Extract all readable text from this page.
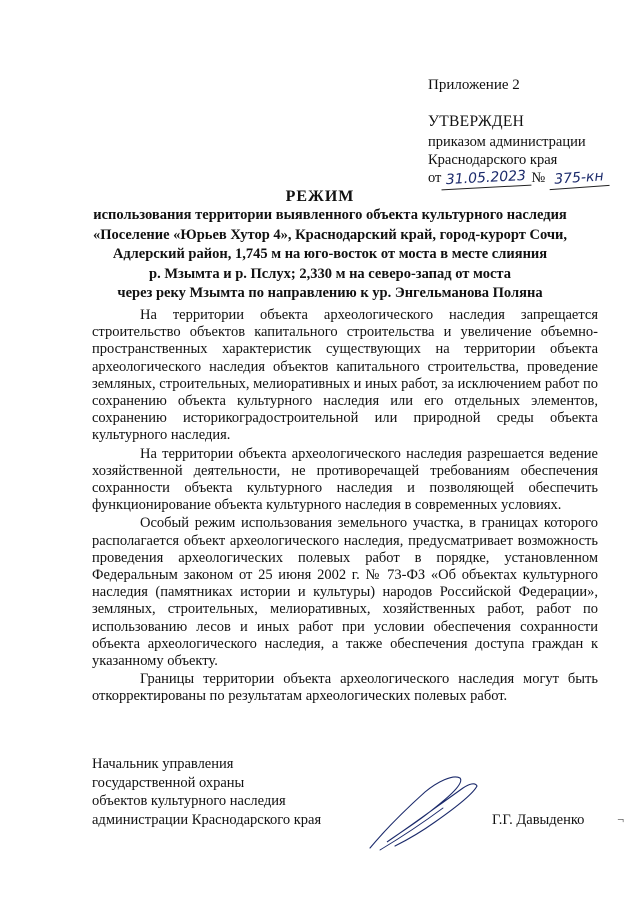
Приложение 2
УТВЕРЖДЕН
приказом администрации
Краснодарского края
от 31.05.2023 № 375-кн
РЕЖИМ
использования территории выявленного объекта культурного наследия
«Поселение «Юрьев Хутор 4», Краснодарский край, город-курорт Сочи,
Адлерский район, 1,745 м на юго-восток от моста в месте слияния
р. Мзымта и р. Пслух; 2,330 м на северо-запад от моста
через реку Мзымта по направлению к ур. Энгельманова Поляна

На территории объекта археологического наследия запрещается строительство объектов капитального строительства и увеличение объемно-пространственных характеристик существующих на территории объекта археологического наследия объектов капитального строительства, проведение земляных, строительных, мелиоративных и иных работ, за исключением работ по сохранению объекта культурного наследия или его отдельных элементов, сохранению историкоградостроительной или природной среды объекта культурного наследия.

На территории объекта археологического наследия разрешается ведение хозяйственной деятельности, не противоречащей требованиям обеспечения сохранности объекта культурного наследия и позволяющей обеспечить функционирование объекта культурного наследия в современных условиях.

Особый режим использования земельного участка, в границах которого располагается объект археологического наследия, предусматривает возможность проведения археологических полевых работ в порядке, установленном Федеральным законом от 25 июня 2002 г. № 73-ФЗ «Об объектах культурного наследия (памятниках истории и культуры) народов Российской Федерации», земляных, строительных, мелиоративных, хозяйственных работ, работ по использованию лесов и иных работ при условии обеспечения сохранности объекта археологического наследия, а также обеспечения доступа граждан к указанному объекту.

Границы территории объекта археологического наследия могут быть откорректированы по результатам археологических полевых работ.

Начальник управления
государственной охраны
объектов культурного наследия
администрации Краснодарского края	Г.Г. Давыденко	¬
